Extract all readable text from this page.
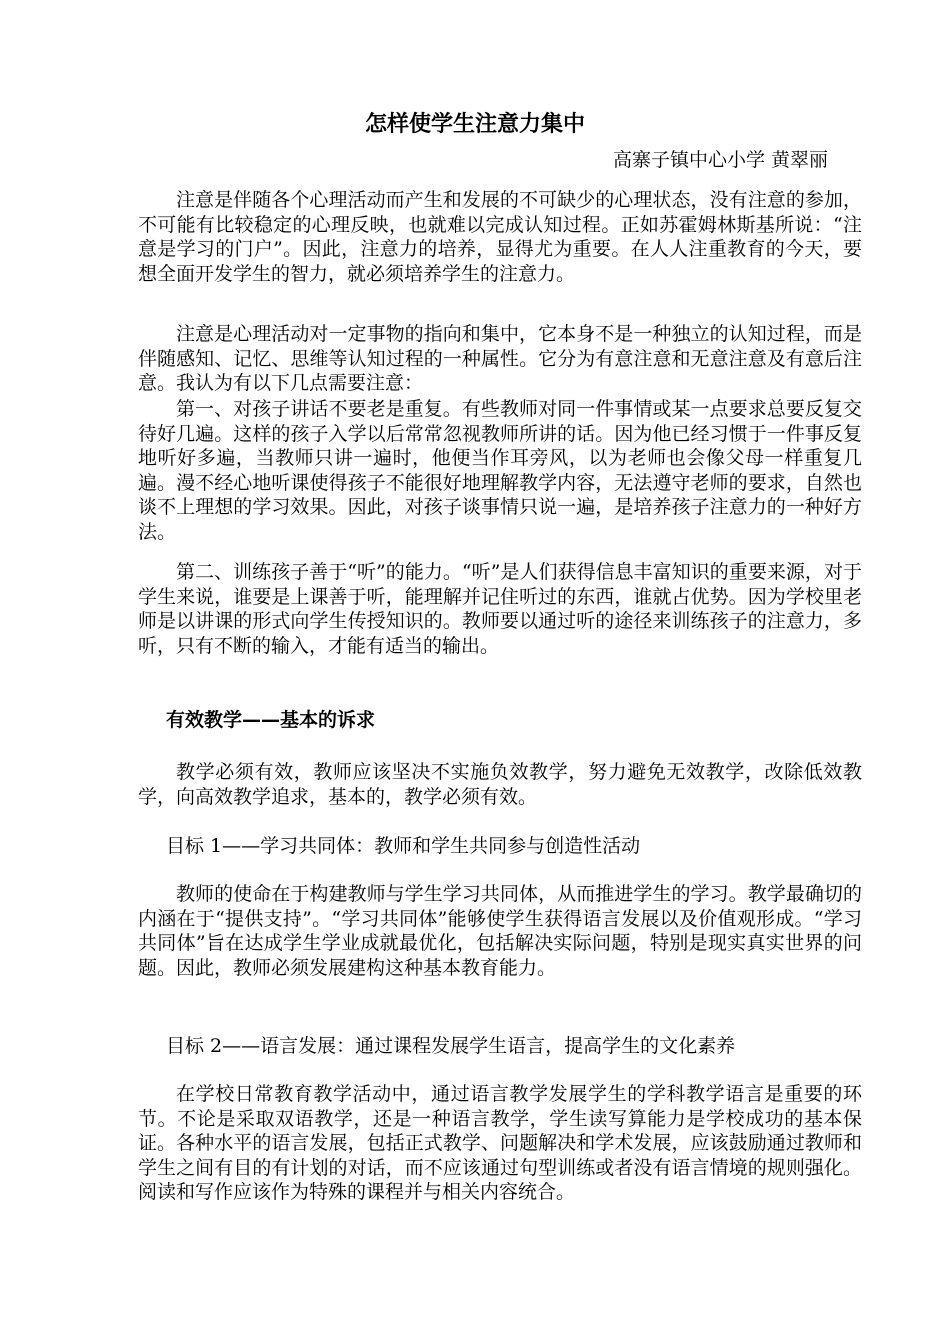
怎样使学生注意力集中
高寨子镇中心小学 黄翠丽

注意是伴随各个心理活动而产生和发展的不可缺少的心理状态，没有注意的参加，不可能有比较稳定的心理反映，也就难以完成认知过程。正如苏霍姆林斯基所说：“注意是学习的门户”。因此，注意力的培养，显得尤为重要。在人人注重教育的今天，要想全面开发学生的智力，就必须培养学生的注意力。

注意是心理活动对一定事物的指向和集中，它本身不是一种独立的认知过程，而是伴随感知、记忆、思维等认知过程的一种属性。它分为有意注意和无意注意及有意后注意。我认为有以下几点需要注意：

第一、对孩子讲话不要老是重复。有些教师对同一件事情或某一点要求总要反复交待好几遍。这样的孩子入学以后常常忽视教师所讲的话。因为他已经习惯于一件事反复地听好多遍，当教师只讲一遍时，他便当作耳旁风，以为老师也会像父母一样重复几遍。漫不经心地听课使得孩子不能很好地理解教学内容，无法遵守老师的要求，自然也谈不上理想的学习效果。因此，对孩子谈事情只说一遍，是培养孩子注意力的一种好方法。

第二、训练孩子善于“听”的能力。“听”是人们获得信息丰富知识的重要来源，对于学生来说，谁要是上课善于听，能理解并记住听过的东西，谁就占优势。因为学校里老师是以讲课的形式向学生传授知识的。教师要以通过听的途径来训练孩子的注意力，多听，只有不断的输入，才能有适当的输出。

有效教学——基本的诉求

教学必须有效，教师应该坚决不实施负效教学，努力避免无效教学，改除低效教学，向高效教学追求，基本的，教学必须有效。

目标 1——学习共同体：教师和学生共同参与创造性活动

教师的使命在于构建教师与学生学习共同体，从而推进学生的学习。教学最确切的内涵在于“提供支持”。“学习共同体”能够使学生获得语言发展以及价值观形成。“学习共同体”旨在达成学生学业成就最优化，包括解决实际问题，特别是现实真实世界的问题。因此，教师必须发展建构这种基本教育能力。

目标 2——语言发展：通过课程发展学生语言，提高学生的文化素养

在学校日常教育教学活动中，通过语言教学发展学生的学科教学语言是重要的环节。不论是采取双语教学，还是一种语言教学，学生读写算能力是学校成功的基本保证。各种水平的语言发展，包括正式教学、问题解决和学术发展，应该鼓励通过教师和学生之间有目的有计划的对话，而不应该通过句型训练或者没有语言情境的规则强化。阅读和写作应该作为特殊的课程并与相关内容统合。
